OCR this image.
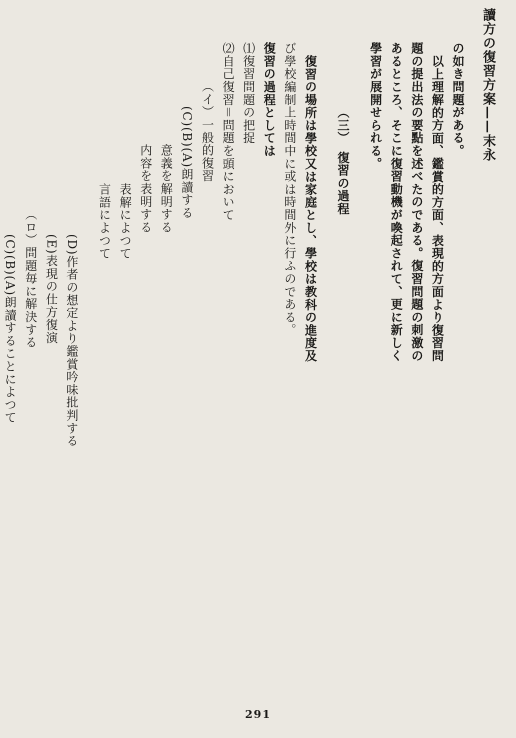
讀方の復習方案——末永
の如き問題がある。
以上理解的方面、鑑賞的方面、表現的方面より復習問
題の提出法の要點を述べたのである。復習問題の刺激の
あるところ、そこに復習動機が喚起されて、更に新しく
學習が展開せられる。
（三）　復習の過程
復習の場所は學校又は家庭とし、學校は教科の進度及
び學校編制上時間中に或は時間外に行ふのである。
復習の過程としては
⑴復習問題の把捉
⑵自己復習＝問題を頭において
（イ）一般的復習
(C)(B)(A)朗讀する
意義を解明する
内容を表明する
表解によつて
言語によつて
(D)作者の想定より鑑賞吟味批判する
(E)表現の仕方復演
（ロ）問題毎に解決する
(C)(B)(A)朗讀することによつて
291
